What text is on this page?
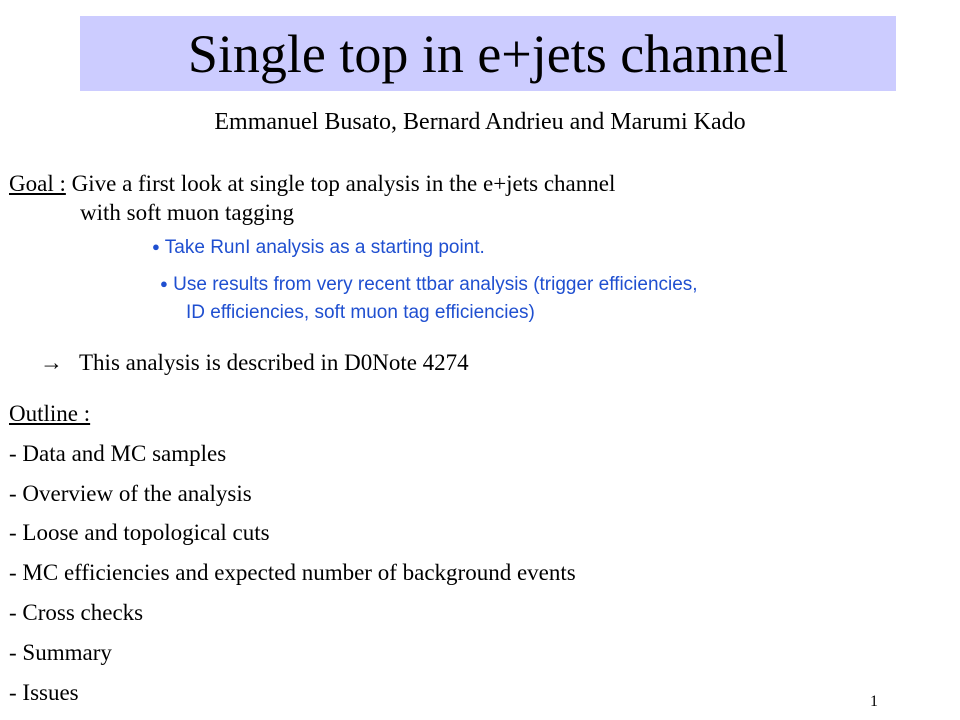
Single top in e+jets channel
Emmanuel Busato, Bernard Andrieu and Marumi Kado
Goal : Give a first look at single top analysis in the e+jets channel
with soft muon tagging
● Take RunI analysis as a starting point.
● Use results from very recent ttbar analysis (trigger efficiencies,
ID efficiencies, soft muon tag efficiencies)
→ This analysis is described in D0Note 4274
Outline :
- Data and MC samples
- Overview of the analysis
- Loose and topological cuts
- MC efficiencies and expected number of background events
- Cross checks
- Summary
- Issues	1
